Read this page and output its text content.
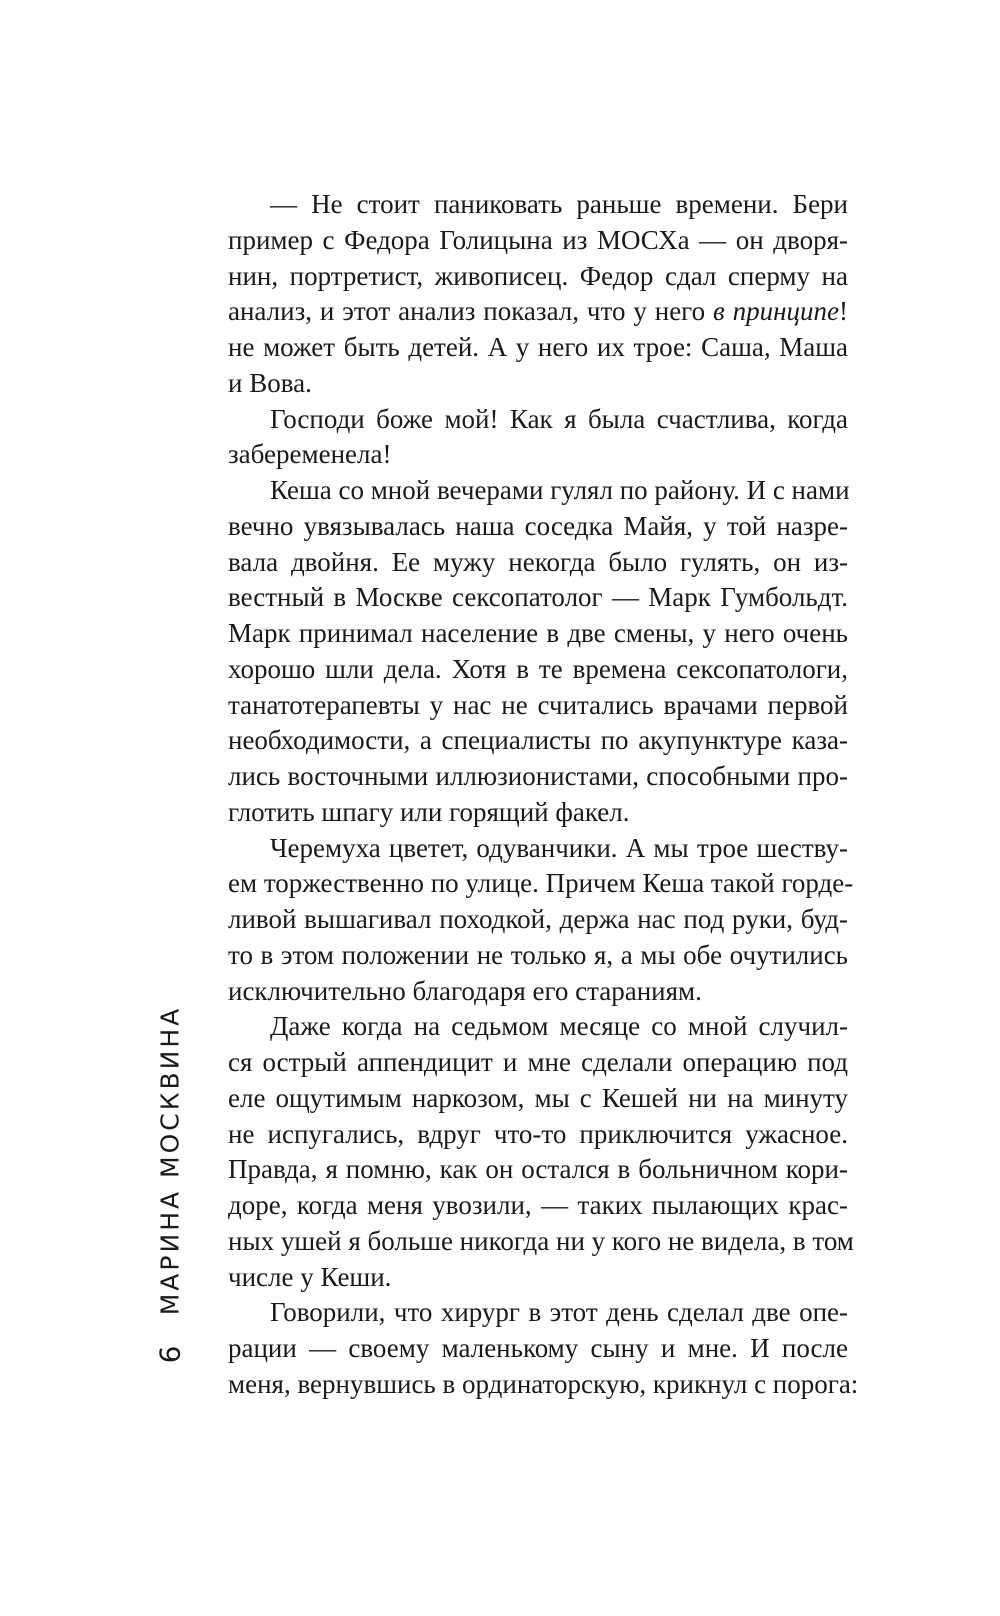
— Не стоит паниковать раньше времени. Бери
пример с Федора Голицына из МОСХа — он дворя-
нин, портретист, живописец. Федор сдал сперму на
анализ, и этот анализ показал, что у него в принципе!
не может быть детей. А у него их трое: Саша, Маша
и Вова.
Господи боже мой! Как я была счастлива, когда
забеременела!
Кеша со мной вечерами гулял по району. И с нами
вечно увязывалась наша соседка Майя, у той назре-
вала двойня. Ее мужу некогда было гулять, он из-
вестный в Москве сексопатолог — Марк Гумбольдт.
Марк принимал население в две смены, у него очень
хорошо шли дела. Хотя в те времена сексопатологи,
танатотерапевты у нас не считались врачами первой
необходимости, а специалисты по акупунктуре каза-
лись восточными иллюзионистами, способными про-
глотить шпагу или горящий факел.
Черемуха цветет, одуванчики. А мы трое шеству-
ем торжественно по улице. Причем Кеша такой горде-
ливой вышагивал походкой, держа нас под руки, буд-
то в этом положении не только я, а мы обе очутились
исключительно благодаря его стараниям.
Даже когда на седьмом месяце со мной случил-
ся острый аппендицит и мне сделали операцию под
еле ощутимым наркозом, мы с Кешей ни на минуту
не испугались, вдруг что-то приключится ужасное.
Правда, я помню, как он остался в больничном кори-
доре, когда меня увозили, — таких пылающих крас-
ных ушей я больше никогда ни у кого не видела, в том
числе у Кеши.
Говорили, что хирург в этот день сделал две опе-
рации — своему маленькому сыну и мне. И после
меня, вернувшись в ординаторскую, крикнул с порога:
МАРИНА МОСКВИНА
6
